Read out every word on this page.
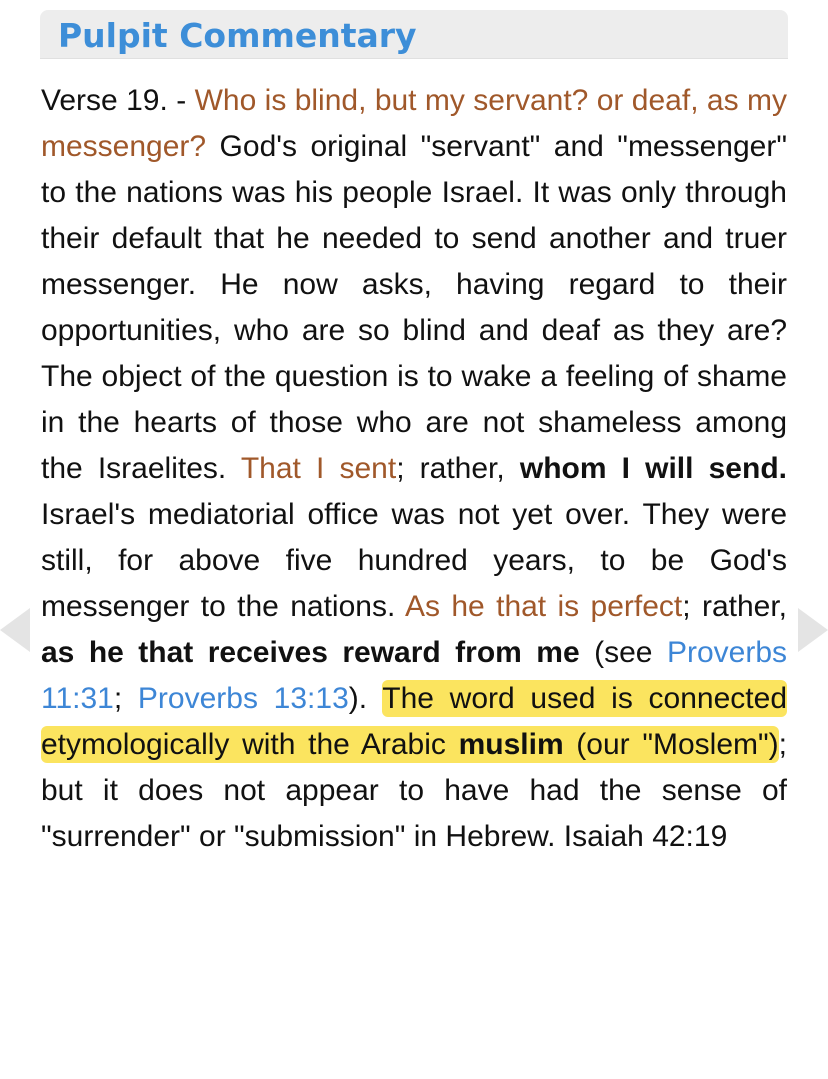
Pulpit Commentary
Verse 19. - Who is blind, but my servant? or deaf, as my messenger? God's original "servant" and "messenger" to the nations was his people Israel. It was only through their default that he needed to send another and truer messenger. He now asks, having regard to their opportunities, who are so blind and deaf as they are? The object of the question is to wake a feeling of shame in the hearts of those who are not shameless among the Israelites. That I sent; rather, whom I will send. Israel's mediatorial office was not yet over. They were still, for above five hundred years, to be God's messenger to the nations. As he that is perfect; rather, as he that receives reward from me (see Proverbs 11:31; Proverbs 13:13). The word used is connected etymologically with the Arabic muslim (our "Moslem"); but it does not appear to have had the sense of "surrender" or "submission" in Hebrew. Isaiah 42:19
